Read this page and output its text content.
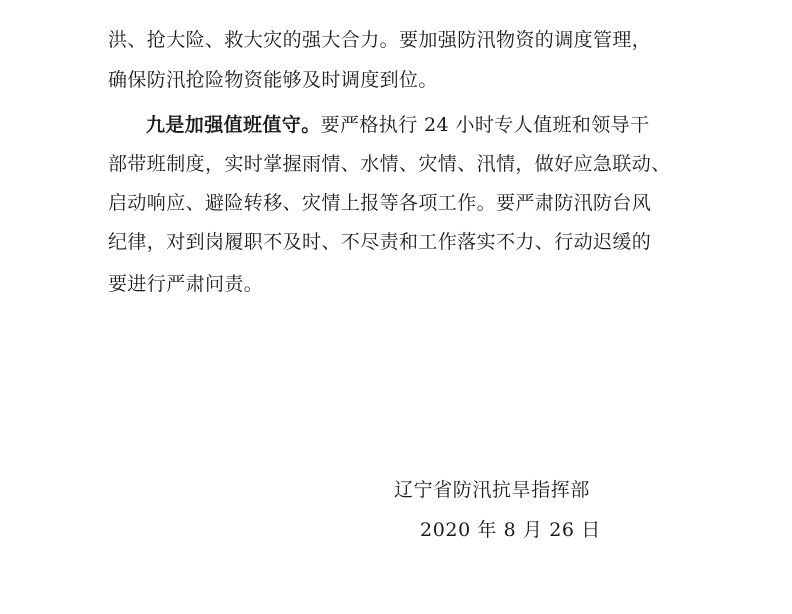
洪、抢大险、救大灾的强大合力。要加强防汛物资的调度管理，
确保防汛抢险物资能够及时调度到位。
九是加强值班值守。要严格执行 24 小时专人值班和领导干
部带班制度，实时掌握雨情、水情、灾情、汛情，做好应急联动、
启动响应、避险转移、灾情上报等各项工作。要严肃防汛防台风
纪律，对到岗履职不及时、不尽责和工作落实不力、行动迟缓的
要进行严肃问责。
辽宁省防汛抗旱指挥部
2020 年 8 月 26 日
